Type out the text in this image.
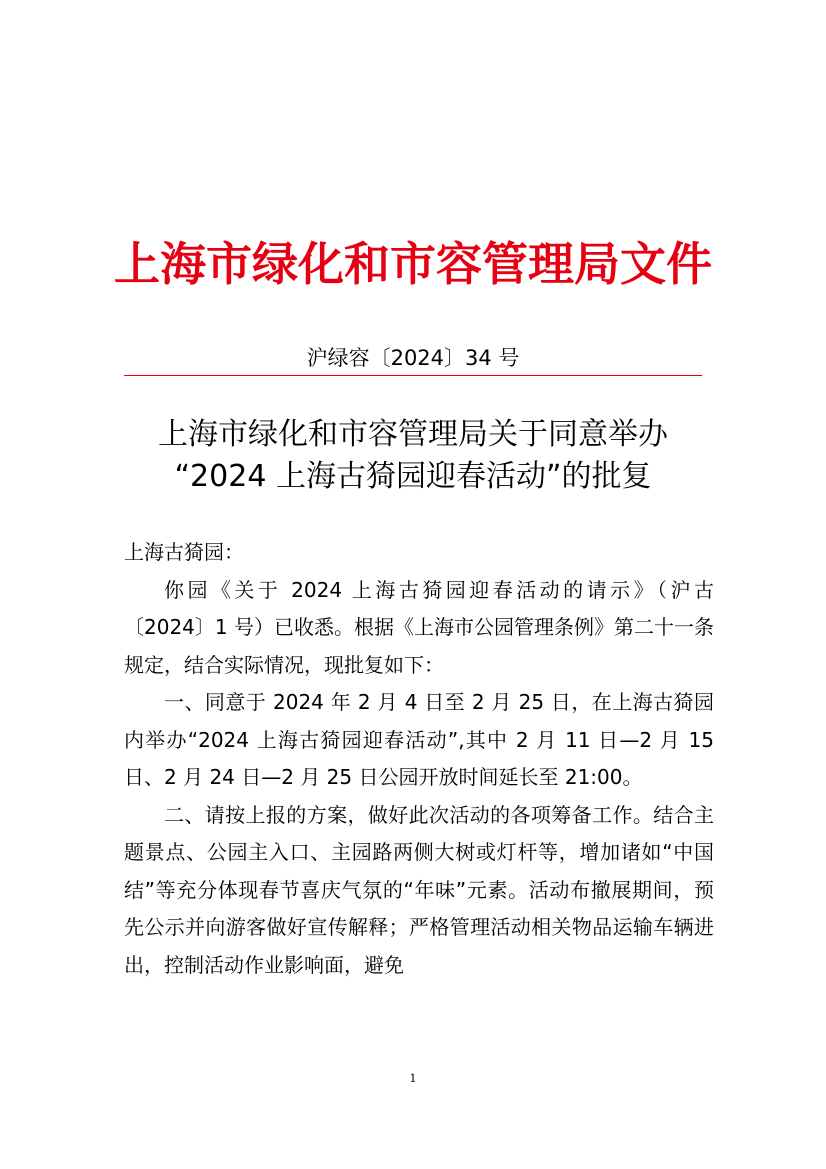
上海市绿化和市容管理局文件
沪绿容〔2024〕34 号
上海市绿化和市容管理局关于同意举办
“2024 上海古猗园迎春活动”的批复

上海古猗园：

你园《关于 2024 上海古猗园迎春活动的请示》（沪古〔2024〕1 号）已收悉。根据《上海市公园管理条例》第二十一条规定，结合实际情况，现批复如下：

一、同意于 2024 年 2 月 4 日至 2 月 25 日，在上海古猗园内举办“2024 上海古猗园迎春活动”,其中 2 月 11 日—2 月 15 日、2 月 24 日—2 月 25 日公园开放时间延长至 21:00。

二、请按上报的方案，做好此次活动的各项筹备工作。结合主题景点、公园主入口、主园路两侧大树或灯杆等，增加诸如“中国结”等充分体现春节喜庆气氛的“年味”元素。活动布撤展期间，预先公示并向游客做好宣传解释；严格管理活动相关物品运输车辆进出，控制活动作业影响面，避免

1
